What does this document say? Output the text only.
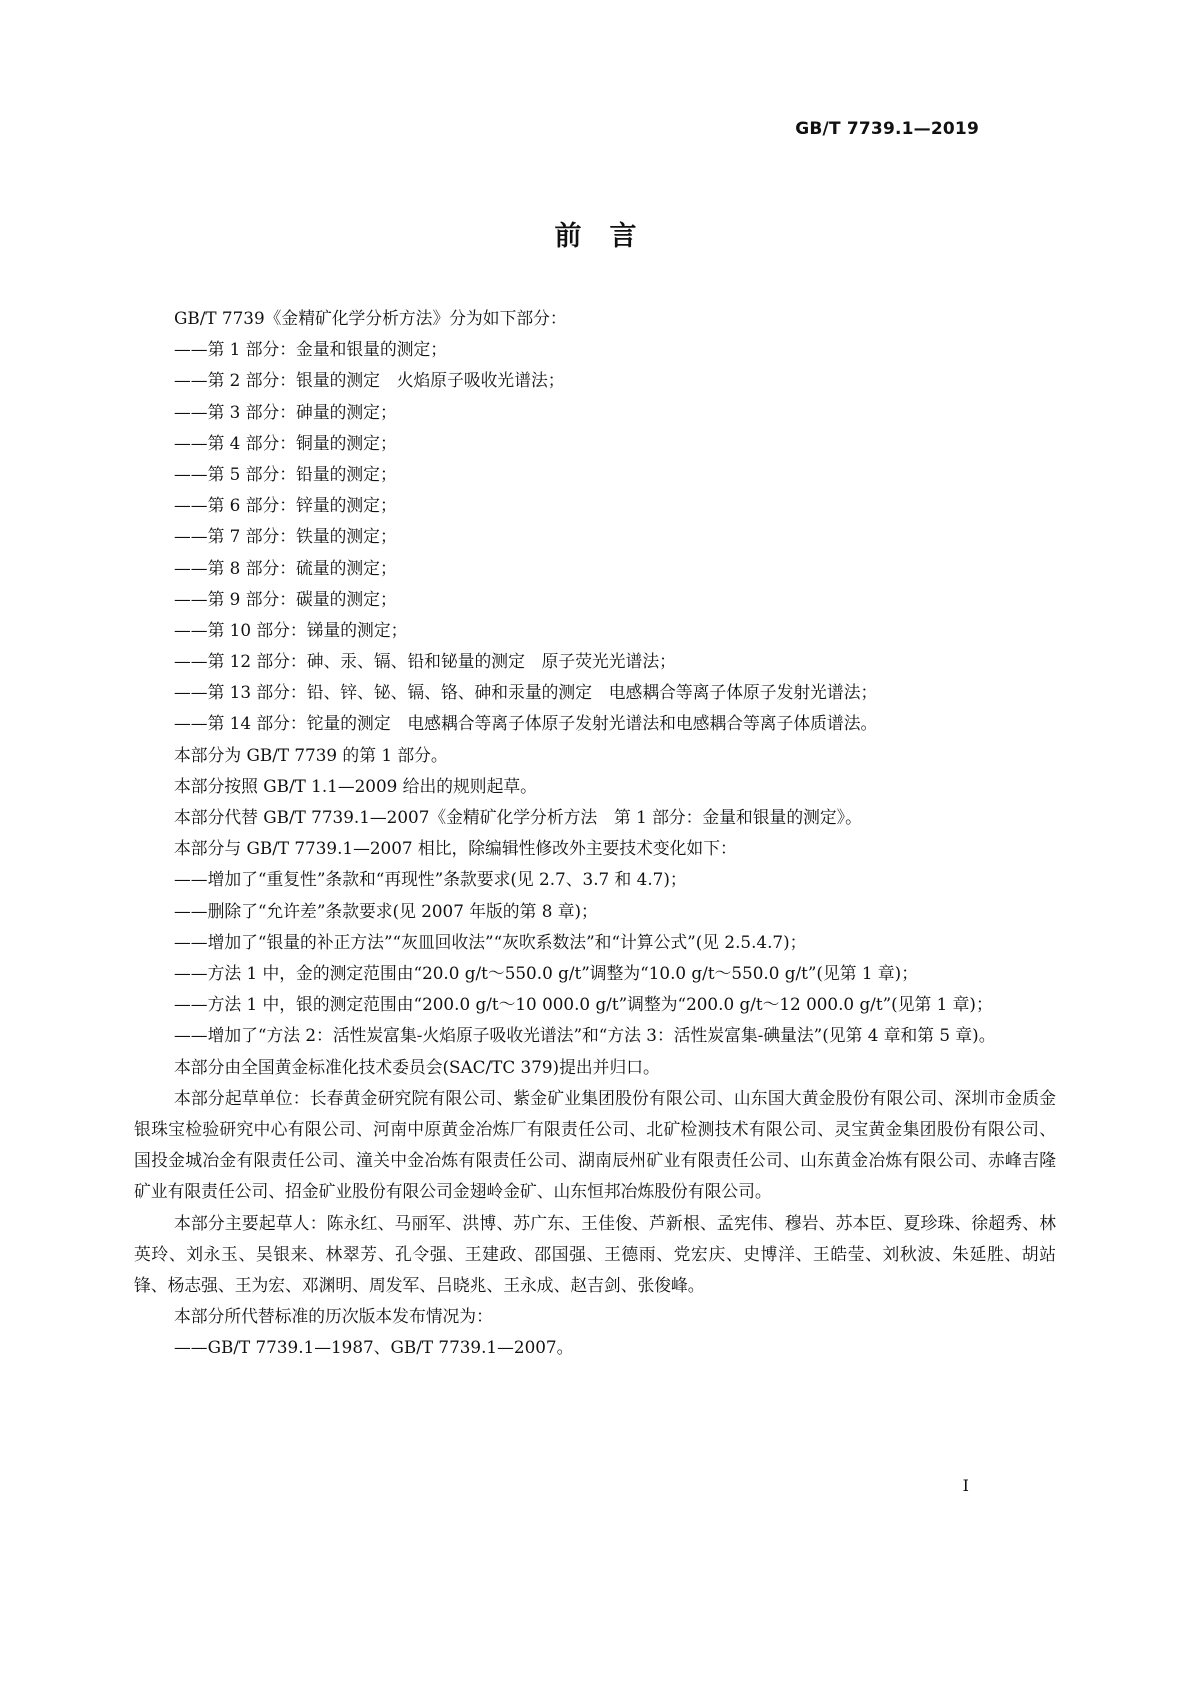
GB/T 7739.1—2019
前言
GB/T 7739《金精矿化学分析方法》分为如下部分：
——第 1 部分：金量和银量的测定；
——第 2 部分：银量的测定　火焰原子吸收光谱法；
——第 3 部分：砷量的测定；
——第 4 部分：铜量的测定；
——第 5 部分：铅量的测定；
——第 6 部分：锌量的测定；
——第 7 部分：铁量的测定；
——第 8 部分：硫量的测定；
——第 9 部分：碳量的测定；
——第 10 部分：锑量的测定；
——第 12 部分：砷、汞、镉、铅和铋量的测定　原子荧光光谱法；
——第 13 部分：铅、锌、铋、镉、铬、砷和汞量的测定　电感耦合等离子体原子发射光谱法；
——第 14 部分：铊量的测定　电感耦合等离子体原子发射光谱法和电感耦合等离子体质谱法。
本部分为 GB/T 7739 的第 1 部分。
本部分按照 GB/T 1.1—2009 给出的规则起草。
本部分代替 GB/T 7739.1—2007《金精矿化学分析方法　第 1 部分：金量和银量的测定》。
本部分与 GB/T 7739.1—2007 相比，除编辑性修改外主要技术变化如下：
——增加了“重复性”条款和“再现性”条款要求(见 2.7、3.7 和 4.7)；
——删除了“允许差”条款要求(见 2007 年版的第 8 章)；
——增加了“银量的补正方法”“灰皿回收法”“灰吹系数法”和“计算公式”(见 2.5.4.7)；
——方法 1 中，金的测定范围由“20.0 g/t～550.0 g/t”调整为“10.0 g/t～550.0 g/t”(见第 1 章)；
——方法 1 中，银的测定范围由“200.0 g/t～10 000.0 g/t”调整为“200.0 g/t～12 000.0 g/t”(见第 1 章)；
——增加了“方法 2：活性炭富集-火焰原子吸收光谱法”和“方法 3：活性炭富集-碘量法”(见第 4 章和第 5 章)。
本部分由全国黄金标准化技术委员会(SAC/TC 379)提出并归口。
本部分起草单位：长春黄金研究院有限公司、紫金矿业集团股份有限公司、山东国大黄金股份有限公司、深圳市金质金银珠宝检验研究中心有限公司、河南中原黄金冶炼厂有限责任公司、北矿检测技术有限公司、灵宝黄金集团股份有限公司、国投金城冶金有限责任公司、潼关中金冶炼有限责任公司、湖南辰州矿业有限责任公司、山东黄金冶炼有限公司、赤峰吉隆矿业有限责任公司、招金矿业股份有限公司金翅岭金矿、山东恒邦冶炼股份有限公司。
本部分主要起草人：陈永红、马丽军、洪博、苏广东、王佳俊、芦新根、孟宪伟、穆岩、苏本臣、夏珍珠、徐超秀、林英玲、刘永玉、吴银来、林翠芳、孔令强、王建政、邵国强、王德雨、党宏庆、史博洋、王皓莹、刘秋波、朱延胜、胡站锋、杨志强、王为宏、邓渊明、周发军、吕晓兆、王永成、赵吉剑、张俊峰。
本部分所代替标准的历次版本发布情况为：
——GB/T 7739.1—1987、GB/T 7739.1—2007。
I
